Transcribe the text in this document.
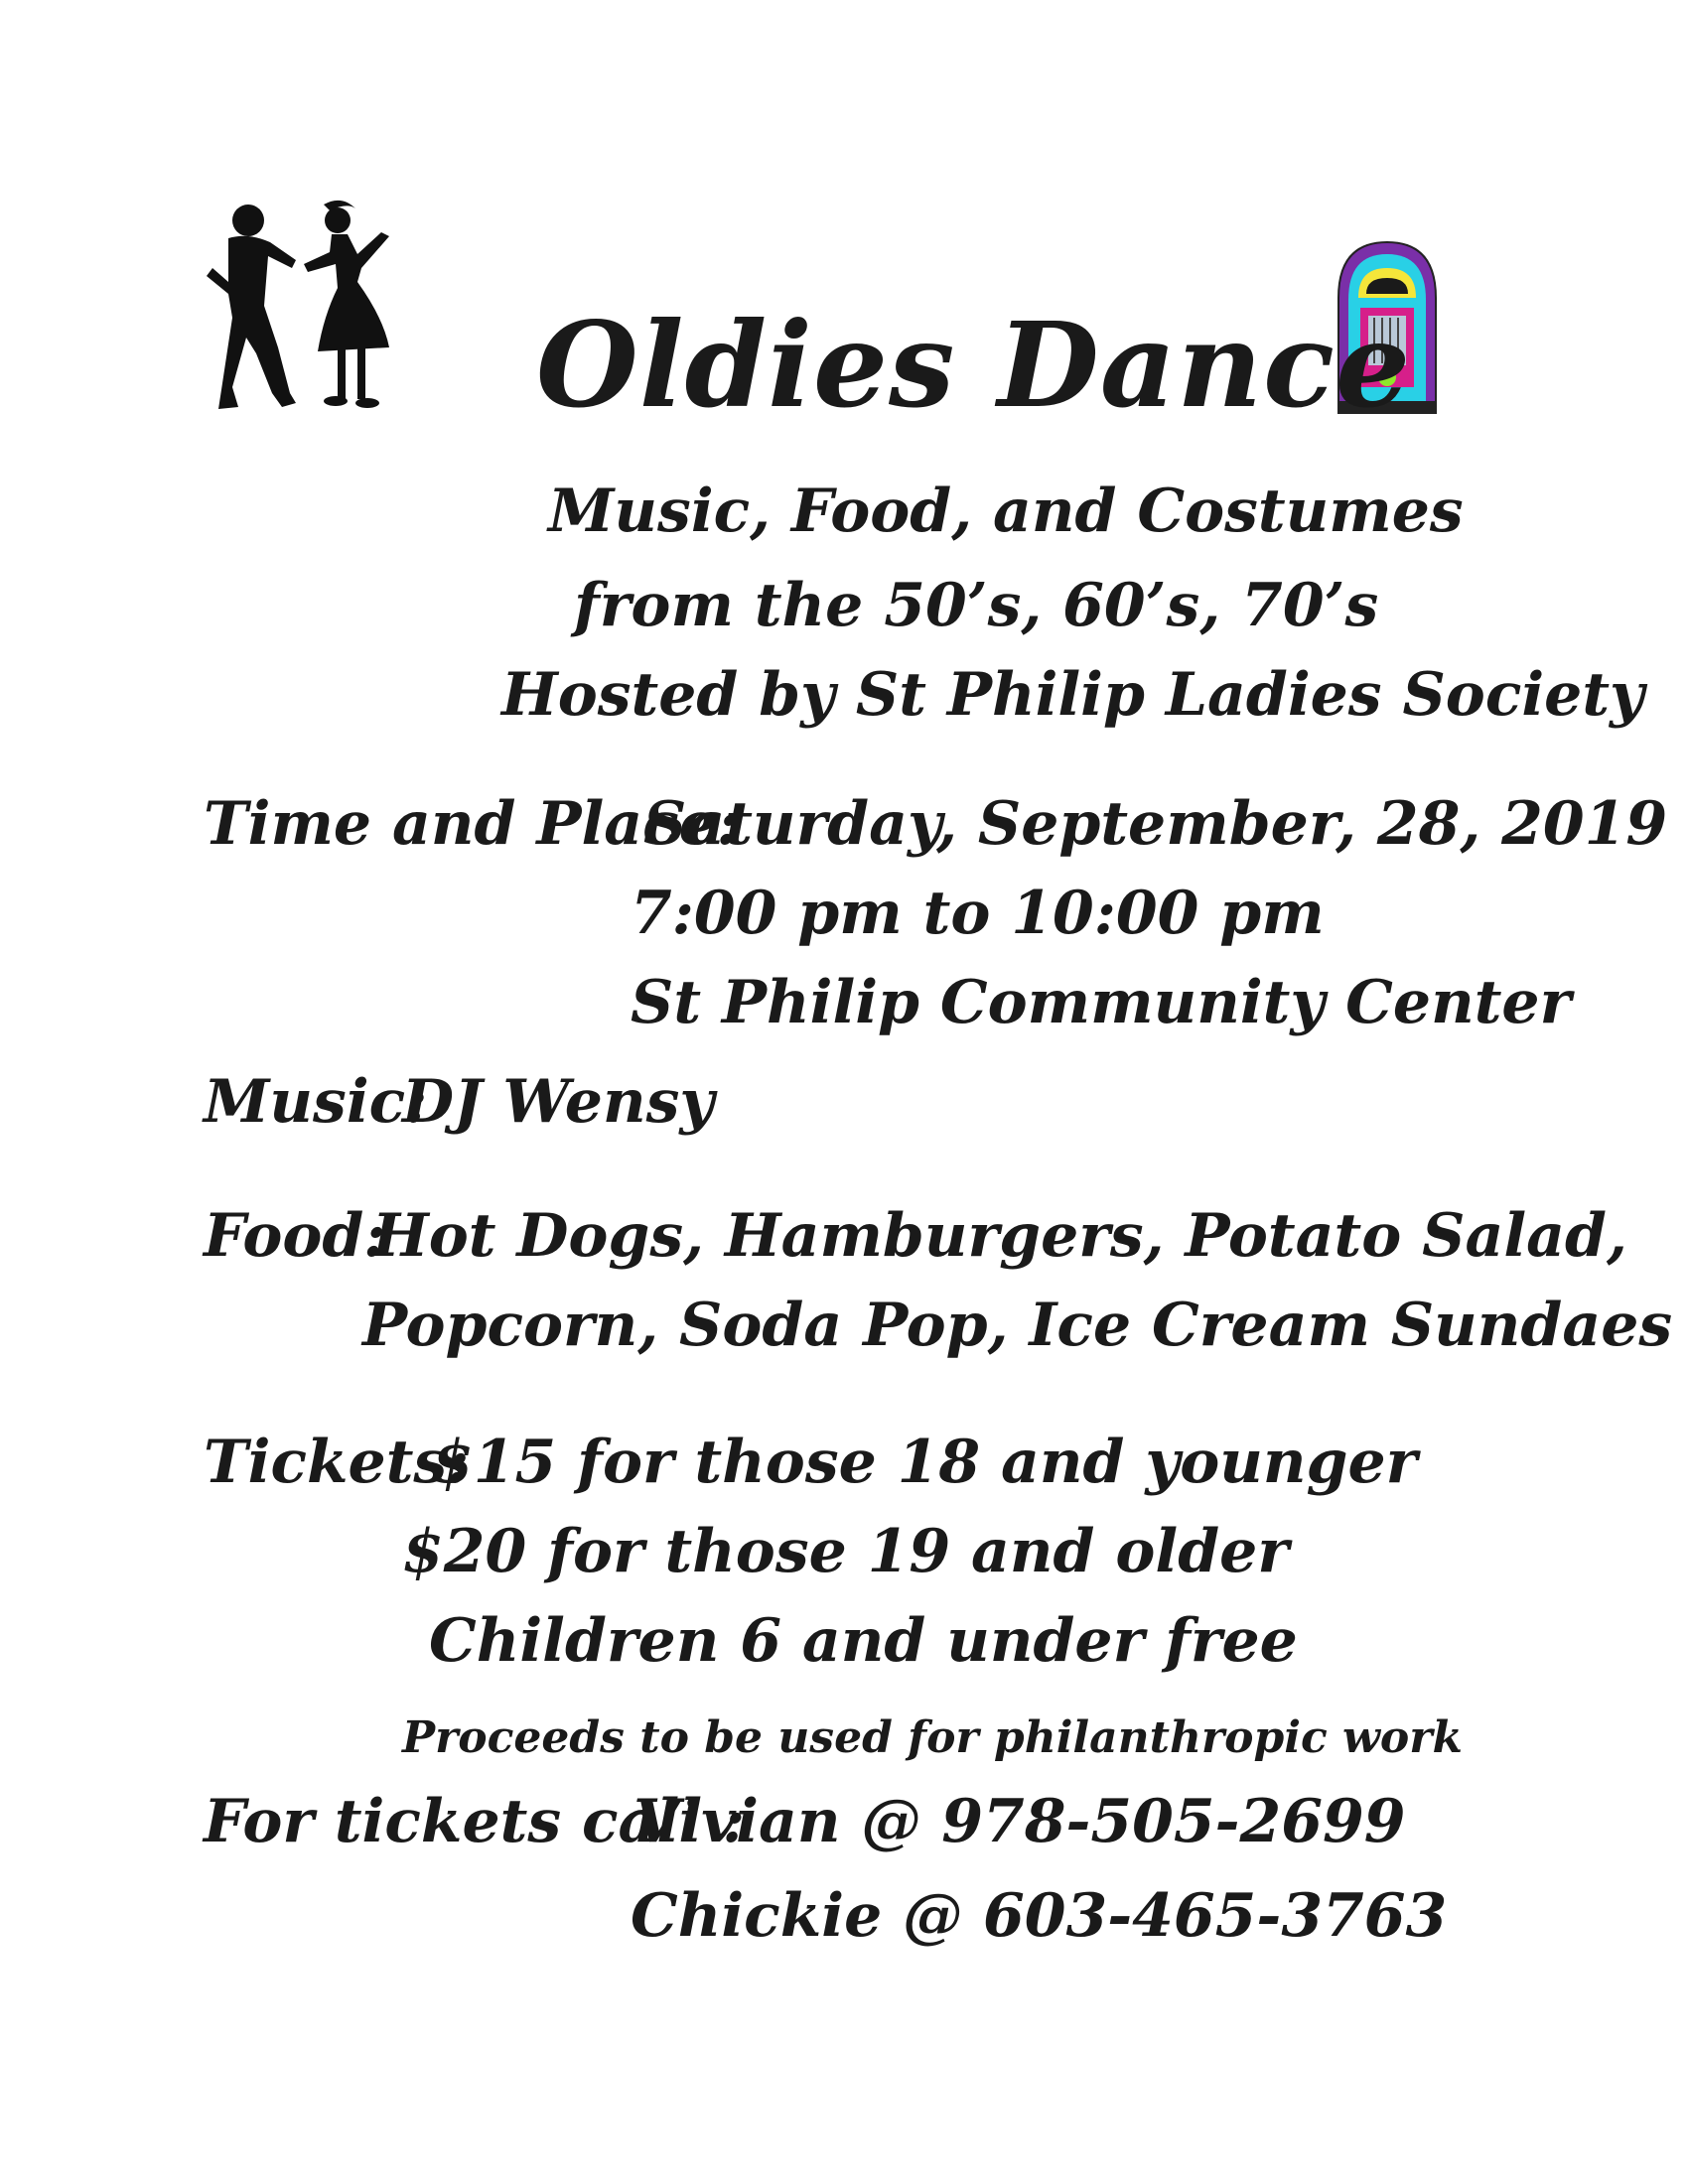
Oldies Dance
Music, Food, and Costumes
from the 50’s, 60’s, 70’s
Hosted by St Philip Ladies Society
Time and Place:
Saturday, September, 28, 2019
7:00 pm to 10:00 pm
St Philip Community Center
Music:
DJ Wensy
Food:
Hot Dogs, Hamburgers, Potato Salad,
Popcorn, Soda Pop, Ice Cream Sundaes
Tickets:
$15 for those 18 and younger
$20 for those 19 and older
Children 6 and under free
Proceeds to be used for philanthropic work
For tickets call :
Vivian @ 978-505-2699
Chickie @ 603-465-3763
